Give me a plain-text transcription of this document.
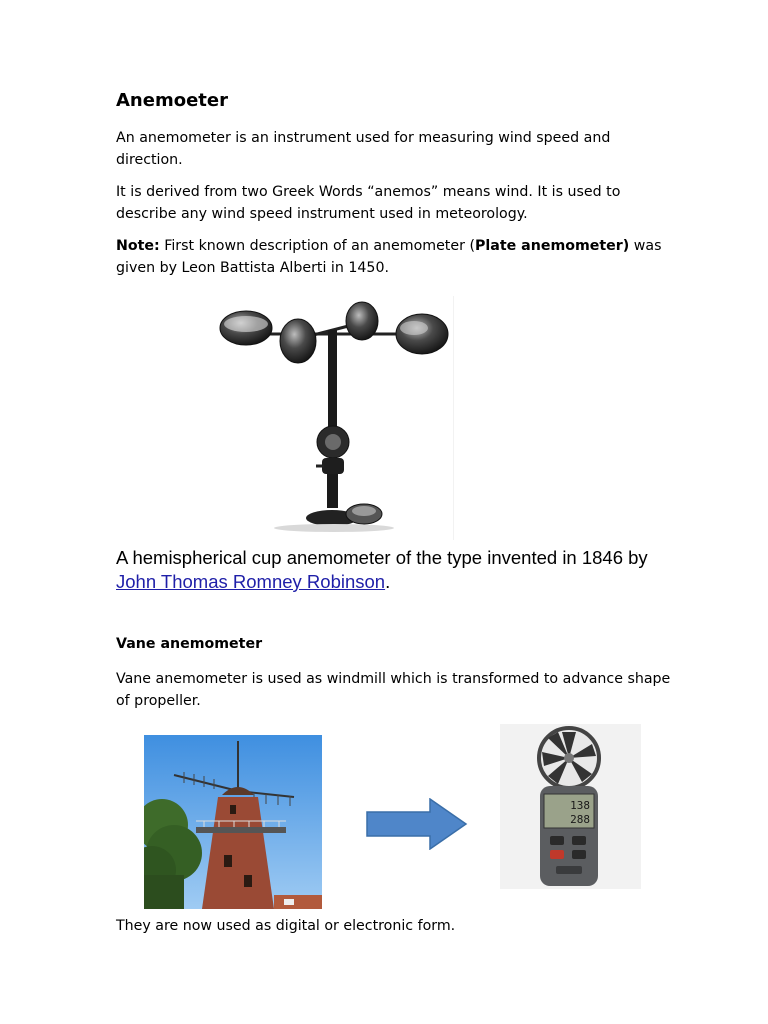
Anemoeter
An anemometer is an instrument used for measuring wind speed and direction.
It is derived from two Greek Words “anemos” means wind. It is used to describe any wind speed instrument used in meteorology.
Note: First known description of an anemometer (Plate anemometer) was given by Leon Battista Alberti in 1450.
A hemispherical cup anemometer of the type invented in 1846 by John Thomas Romney Robinson.
Vane anemometer
Vane anemometer is used as windmill which is transformed to advance shape of propeller.
138
288
They are now used as digital or electronic form.
